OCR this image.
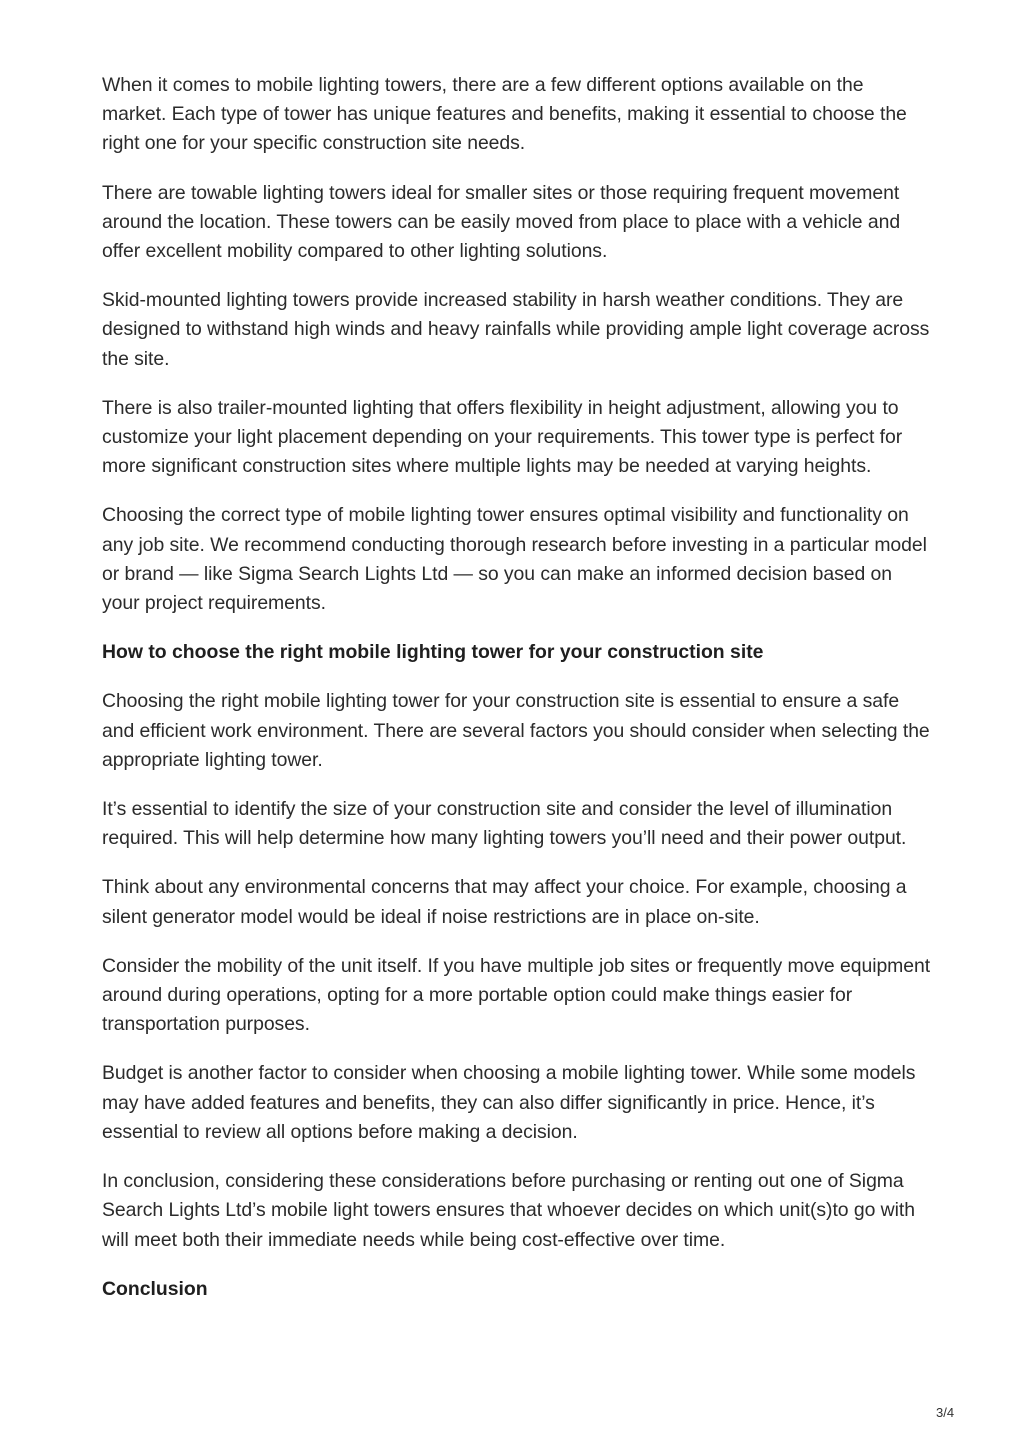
When it comes to mobile lighting towers, there are a few different options available on the market. Each type of tower has unique features and benefits, making it essential to choose the right one for your specific construction site needs.

There are towable lighting towers ideal for smaller sites or those requiring frequent movement around the location. These towers can be easily moved from place to place with a vehicle and offer excellent mobility compared to other lighting solutions.

Skid-mounted lighting towers provide increased stability in harsh weather conditions. They are designed to withstand high winds and heavy rainfalls while providing ample light coverage across the site.

There is also trailer-mounted lighting that offers flexibility in height adjustment, allowing you to customize your light placement depending on your requirements. This tower type is perfect for more significant construction sites where multiple lights may be needed at varying heights.

Choosing the correct type of mobile lighting tower ensures optimal visibility and functionality on any job site. We recommend conducting thorough research before investing in a particular model or brand — like Sigma Search Lights Ltd — so you can make an informed decision based on your project requirements.

How to choose the right mobile lighting tower for your construction site

Choosing the right mobile lighting tower for your construction site is essential to ensure a safe and efficient work environment. There are several factors you should consider when selecting the appropriate lighting tower.

It’s essential to identify the size of your construction site and consider the level of illumination required. This will help determine how many lighting towers you’ll need and their power output.

Think about any environmental concerns that may affect your choice. For example, choosing a silent generator model would be ideal if noise restrictions are in place on-site.

Consider the mobility of the unit itself. If you have multiple job sites or frequently move equipment around during operations, opting for a more portable option could make things easier for transportation purposes.

Budget is another factor to consider when choosing a mobile lighting tower. While some models may have added features and benefits, they can also differ significantly in price. Hence, it’s essential to review all options before making a decision.

In conclusion, considering these considerations before purchasing or renting out one of Sigma Search Lights Ltd’s mobile light towers ensures that whoever decides on which unit(s)to go with will meet both their immediate needs while being cost-effective over time.

Conclusion

3/4
